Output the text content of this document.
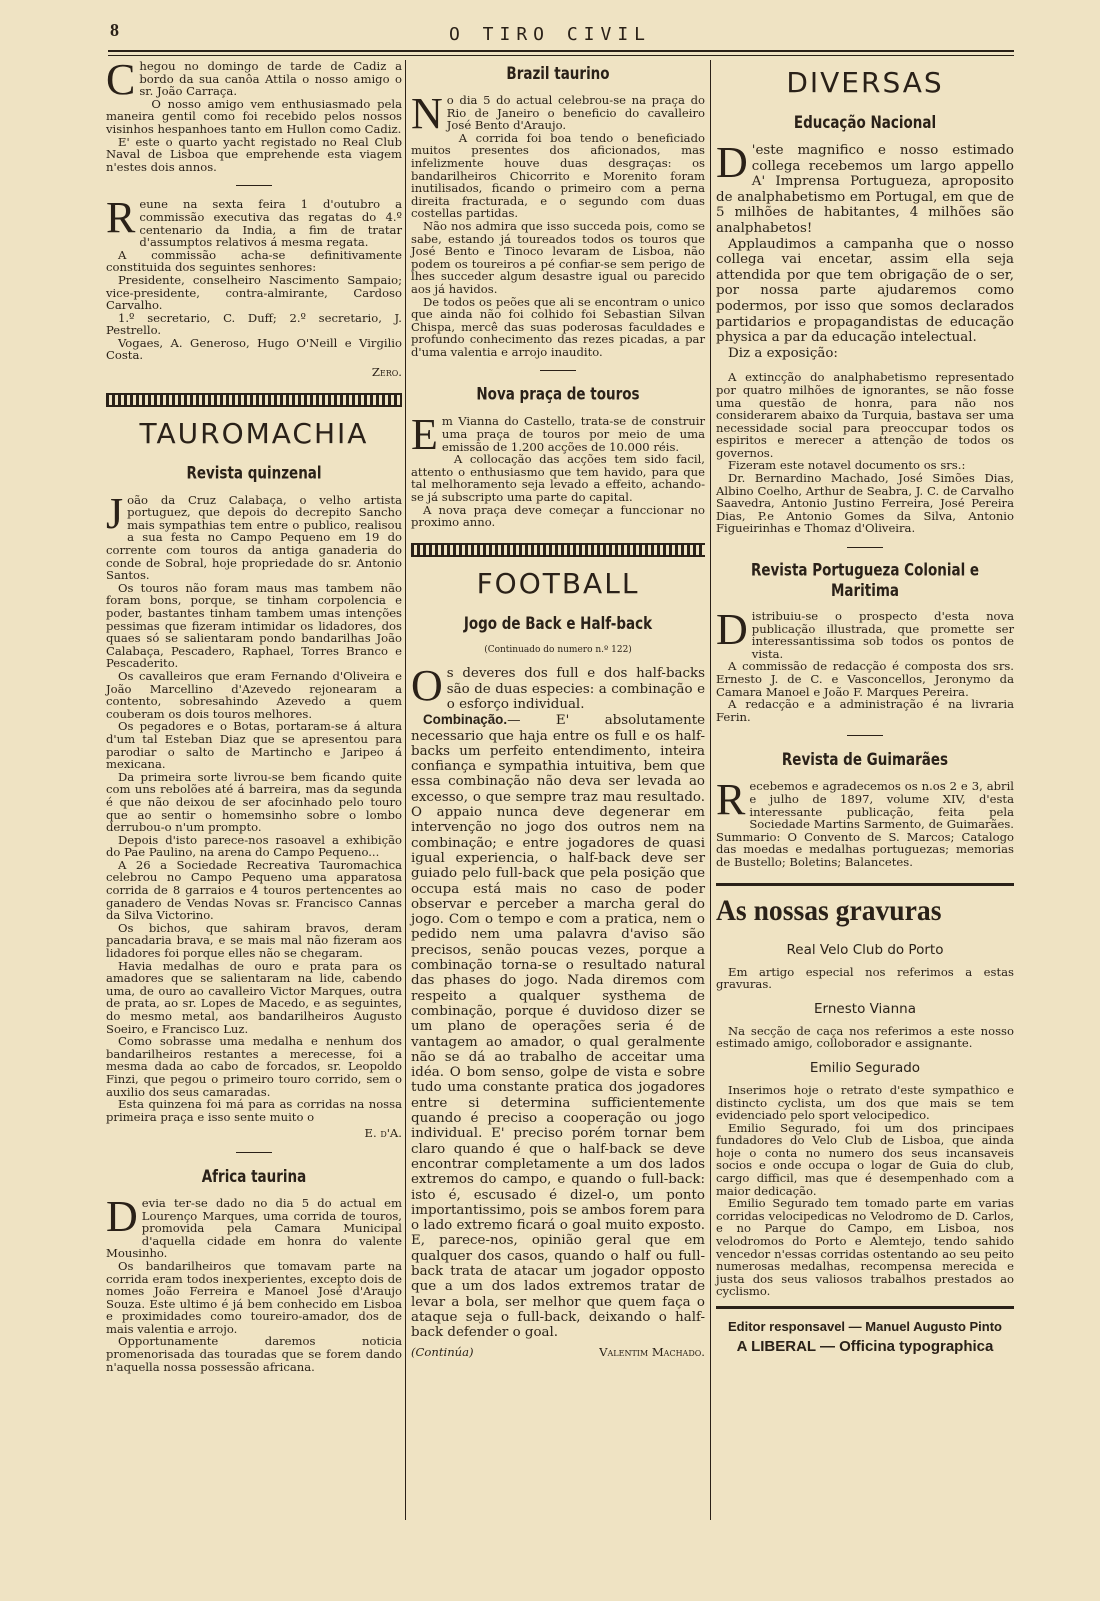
8	O TIRO CIVIL

Chegou no domingo de tarde de Cadiz a bordo da sua canôa Attila o nosso amigo o sr. João Carraça.

O nosso amigo vem enthusiasmado pela maneira gentil como foi recebido pelos nossos visinhos hespanhoes tanto em Hullon como Cadiz.

E' este o quarto yacht registado no Real Club Naval de Lisboa que emprehende esta viagem n'estes dois annos.

Reune na sexta feira 1 d'outubro a commissão executiva das regatas do 4.º centenario da India, a fim de tratar d'assumptos relativos á mesma regata.

A commissão acha-se definitivamente constituida dos seguintes senhores:

Presidente, conselheiro Nascimento Sampaio; vice-presidente, contra-almirante, Cardoso Carvalho.

1.º secretario, C. Duff; 2.º secretario, J. Pestrello.

Vogaes, A. Generoso, Hugo O'Neill e Virgilio Costa.

Zero.
TAUROMACHIA
Revista quinzenal

João da Cruz Calabaça, o velho artista portuguez, que depois do decrepito Sancho mais sympathias tem entre o publico, realisou a sua festa no Campo Pequeno em 19 do corrente com touros da antiga ganaderia do conde de Sobral, hoje propriedade do sr. Antonio Santos.

Os touros não foram maus mas tambem não foram bons, porque, se tinham corpolencia e poder, bastantes tinham tambem umas intenções pessimas que fizeram intimidar os lidadores, dos quaes só se salientaram pondo bandarilhas João Calabaça, Pescadero, Raphael, Torres Branco e Pescaderito.

Os cavalleiros que eram Fernando d'Oliveira e João Marcellino d'Azevedo rejonearam a contento, sobresahindo Azevedo a quem couberam os dois touros melhores.

Os pegadores e o Botas, portaram-se á altura d'um tal Esteban Diaz que se apresentou para parodiar o salto de Martincho e Jaripeo á mexicana.

Da primeira sorte livrou-se bem ficando quite com uns rebolões até á barreira, mas da segunda é que não deixou de ser afocinhado pelo touro que ao sentir o homemsinho sobre o lombo derrubou-o n'um prompto.

Depois d'isto parece-nos rasoavel a exhibição do Pae Paulino, na arena do Campo Pequeno...

A 26 a Sociedade Recreativa Tauromachica celebrou no Campo Pequeno uma apparatosa corrida de 8 garraios e 4 touros pertencentes ao ganadero de Vendas Novas sr. Francisco Cannas da Silva Victorino.

Os bichos, que sahiram bravos, deram pancadaria brava, e se mais mal não fizeram aos lidadores foi porque elles não se chegaram.

Havia medalhas de ouro e prata para os amadores que se salientaram na lide, cabendo uma, de ouro ao cavalleiro Victor Marques, outra de prata, ao sr. Lopes de Macedo, e as seguintes, do mesmo metal, aos bandarilheiros Augusto Soeiro, e Francisco Luz.

Como sobrasse uma medalha e nenhum dos bandarilheiros restantes a merecesse, foi a mesma dada ao cabo de forcados, sr. Leopoldo Finzi, que pegou o primeiro touro corrido, sem o auxilio dos seus camaradas.

Esta quinzena foi má para as corridas na nossa primeira praça e isso sente muito o

E. d'A.
Africa taurina

Devia ter-se dado no dia 5 do actual em Lourenço Marques, uma corrida de touros, promovida pela Camara Municipal d'aquella cidade em honra do valente Mousinho.

Os bandarilheiros que tomavam parte na corrida eram todos inexperientes, excepto dois de nomes João Ferreira e Manoel José d'Araujo Souza. Este ultimo é já bem conhecido em Lisboa e proximidades como toureiro-amador, dos de mais valentia e arrojo.

Opportunamente daremos noticia promenorisada das touradas que se forem dando n'aquella nossa possessão africana.

Brazil taurino

No dia 5 do actual celebrou-se na praça do Rio de Janeiro o beneficio do cavalleiro José Bento d'Araujo.

A corrida foi boa tendo o beneficiado muitos presentes dos aficionados, mas infelizmente houve duas desgraças: os bandarilheiros Chicorrito e Morenito foram inutilisados, ficando o primeiro com a perna direita fracturada, e o segundo com duas costellas partidas.

Não nos admira que isso succeda pois, como se sabe, estando já toureados todos os touros que José Bento e Tinoco levaram de Lisboa, não podem os toureiros a pé confiar-se sem perigo de lhes succeder algum desastre igual ou parecido aos já havidos.

De todos os peões que ali se encontram o unico que ainda não foi colhido foi Sebastian Silvan Chispa, mercê das suas poderosas faculdades e profundo conhecimento das rezes picadas, a par d'uma valentia e arrojo inaudito.

Nova praça de touros

Em Vianna do Castello, trata-se de construir uma praça de touros por meio de uma emissão de 1.200 acções de 10.000 réis.

A collocação das acções tem sido facil, attento o enthusiasmo que tem havido, para que tal melhoramento seja levado a effeito, achando-se já subscripto uma parte do capital.

A nova praça deve começar a funccionar no proximo anno.

FOOTBALL
Jogo de Back e Half-back
(Continuado do numero n.º 122)

Os deveres dos full e dos half-backs são de duas especies: a combinação e o esforço individual.

Combinação.— E' absolutamente necessario que haja entre os full e os half-backs um perfeito entendimento, inteira confiança e sympathia intuitiva, bem que essa combinação não deva ser levada ao excesso, o que sempre traz mau resultado. O appaio nunca deve degenerar em intervenção no jogo dos outros nem na combinação; e entre jogadores de quasi igual experiencia, o half-back deve ser guiado pelo full-back que pela posição que occupa está mais no caso de poder observar e perceber a marcha geral do jogo. Com o tempo e com a pratica, nem o pedido nem uma palavra d'aviso são precisos, senão poucas vezes, porque a combinação torna-se o resultado natural das phases do jogo. Nada diremos com respeito a qualquer systhema de combinação, porque é duvidoso dizer se um plano de operações seria é de vantagem ao amador, o qual geralmente não se dá ao trabalho de acceitar uma idéa. O bom senso, golpe de vista e sobre tudo uma constante pratica dos jogadores entre si determina sufficientemente quando é preciso a cooperação ou jogo individual. E' preciso porém tornar bem claro quando é que o half-back se deve encontrar completamente a um dos lados extremos do campo, e quando o full-back: isto é, escusado é dizel-o, um ponto importantissimo, pois se ambos forem para o lado extremo ficará o goal muito exposto. E, parece-nos, opinião geral que em qualquer dos casos, quando o half ou full-back trata de atacar um jogador opposto que a um dos lados extremos tratar de levar a bola, ser melhor que quem faça o ataque seja o full-back, deixando o half-back defender o goal.

(Continúa)	Valentim Machado.
DIVERSAS
Educação Nacional

D 'este magnifico e nosso estimado collega recebemos um largo appello A' Imprensa Portugueza, aproposito de analphabetismo em Portugal, em que de 5 milhões de habitantes, 4 milhões são analphabetos!

Applaudimos a campanha que o nosso collega vai encetar, assim ella seja attendida por que tem obrigação de o ser, por nossa parte ajudaremos como podermos, por isso que somos declarados partidarios e propagandistas de educação physica a par da educação intelectual.

Diz a exposição:

A extincção do analphabetismo representado por quatro milhões de ignorantes, se não fosse uma questão de honra, para não nos considerarem abaixo da Turquia, bastava ser uma necessidade social para preoccupar todos os espiritos e merecer a attenção de todos os governos.

Fizeram este notavel documento os srs.:

Dr. Bernardino Machado, José Simões Dias, Albino Coelho, Arthur de Seabra, J. C. de Carvalho Saavedra, Antonio Justino Ferreira, José Pereira Dias, P.e Antonio Gomes da Silva, Antonio Figueirinhas e Thomaz d'Oliveira.

Revista Portugueza Colonial e Maritima

Distribuiu-se o prospecto d'esta nova publicação illustrada, que promette ser interessantissima sob todos os pontos de vista.

A commissão de redacção é composta dos srs. Ernesto J. de C. e Vasconcellos, Jeronymo da Camara Manoel e João F. Marques Pereira.

A redacção e a administração é na livraria Ferin.

Revista de Guimarães

Recebemos e agradecemos os n.os 2 e 3, abril e julho de 1897, volume XIV, d'esta interessante publicação, feita pela Sociedade Martins Sarmento, de Guimarães. Summario: O Convento de S. Marcos; Catalogo das moedas e medalhas portuguezas; memorias de Bustello; Boletins; Balancetes.

As nossas gravuras
Real Velo Club do Porto

Em artigo especial nos referimos a estas gravuras.

Ernesto Vianna

Na secção de caça nos referimos a este nosso estimado amigo, colloborador e assignante.

Emilio Segurado

Inserimos hoje o retrato d'este sympathico e distincto cyclista, um dos que mais se tem evidenciado pelo sport velocipedico.

Emilio Segurado, foi um dos principaes fundadores do Velo Club de Lisboa, que ainda hoje o conta no numero dos seus incansaveis socios e onde occupa o logar de Guia do club, cargo difficil, mas que é desempenhado com a maior dedicação.

Emilio Segurado tem tomado parte em varias corridas velocipedicas no Velodromo de D. Carlos, e no Parque do Campo, em Lisboa, nos velodromos do Porto e Alemtejo, tendo sahido vencedor n'essas corridas ostentando ao seu peito numerosas medalhas, recompensa merecida e justa dos seus valiosos trabalhos prestados ao cyclismo.

Editor responsavel — Manuel Augusto Pinto
A LIBERAL — Officina typographica
